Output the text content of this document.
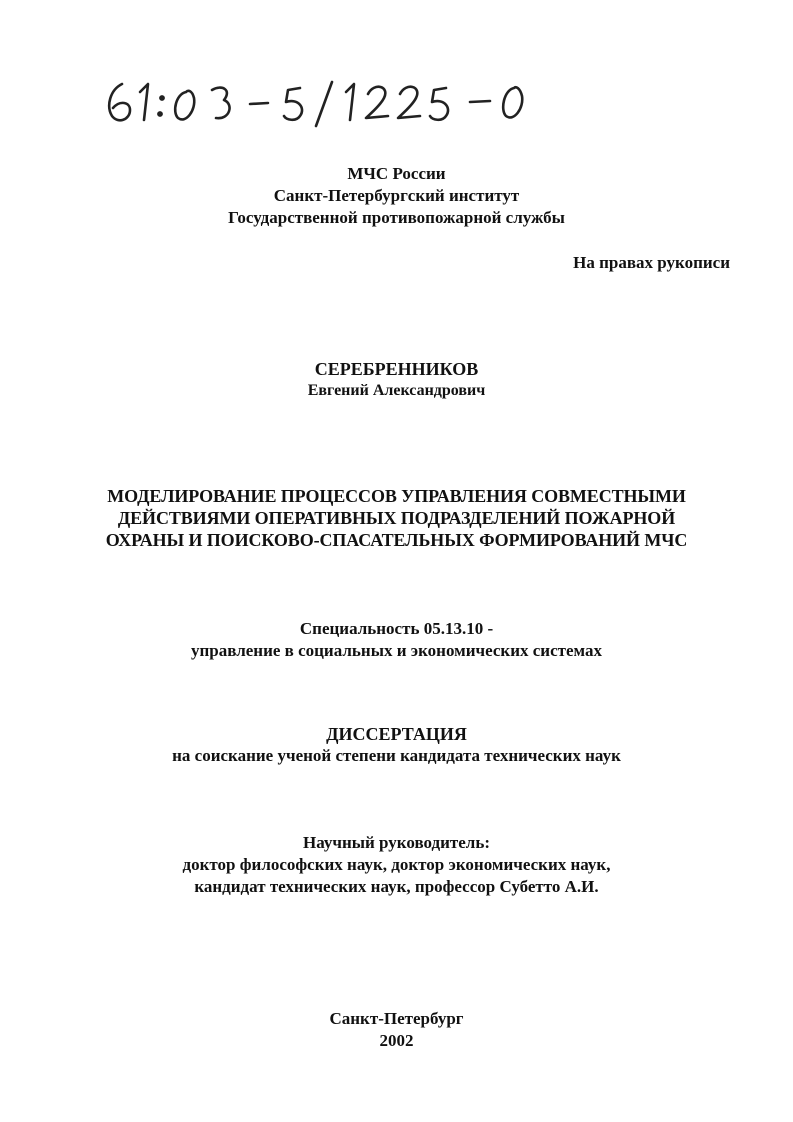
МЧС России
Санкт-Петербургский институт
Государственной противопожарной службы
На правах рукописи
СЕРЕБРЕННИКОВ
Евгений Александрович
МОДЕЛИРОВАНИЕ ПРОЦЕССОВ УПРАВЛЕНИЯ СОВМЕСТНЫМИ
ДЕЙСТВИЯМИ ОПЕРАТИВНЫХ ПОДРАЗДЕЛЕНИЙ ПОЖАРНОЙ
ОХРАНЫ И ПОИСКОВО-СПАСАТЕЛЬНЫХ ФОРМИРОВАНИЙ МЧС
Специальность 05.13.10 -
управление в социальных и экономических системах
ДИССЕРТАЦИЯ
на соискание ученой степени кандидата технических наук
Научный руководитель:
доктор философских наук, доктор экономических наук,
кандидат технических наук, профессор Субетто А.И.
Санкт-Петербург
2002
